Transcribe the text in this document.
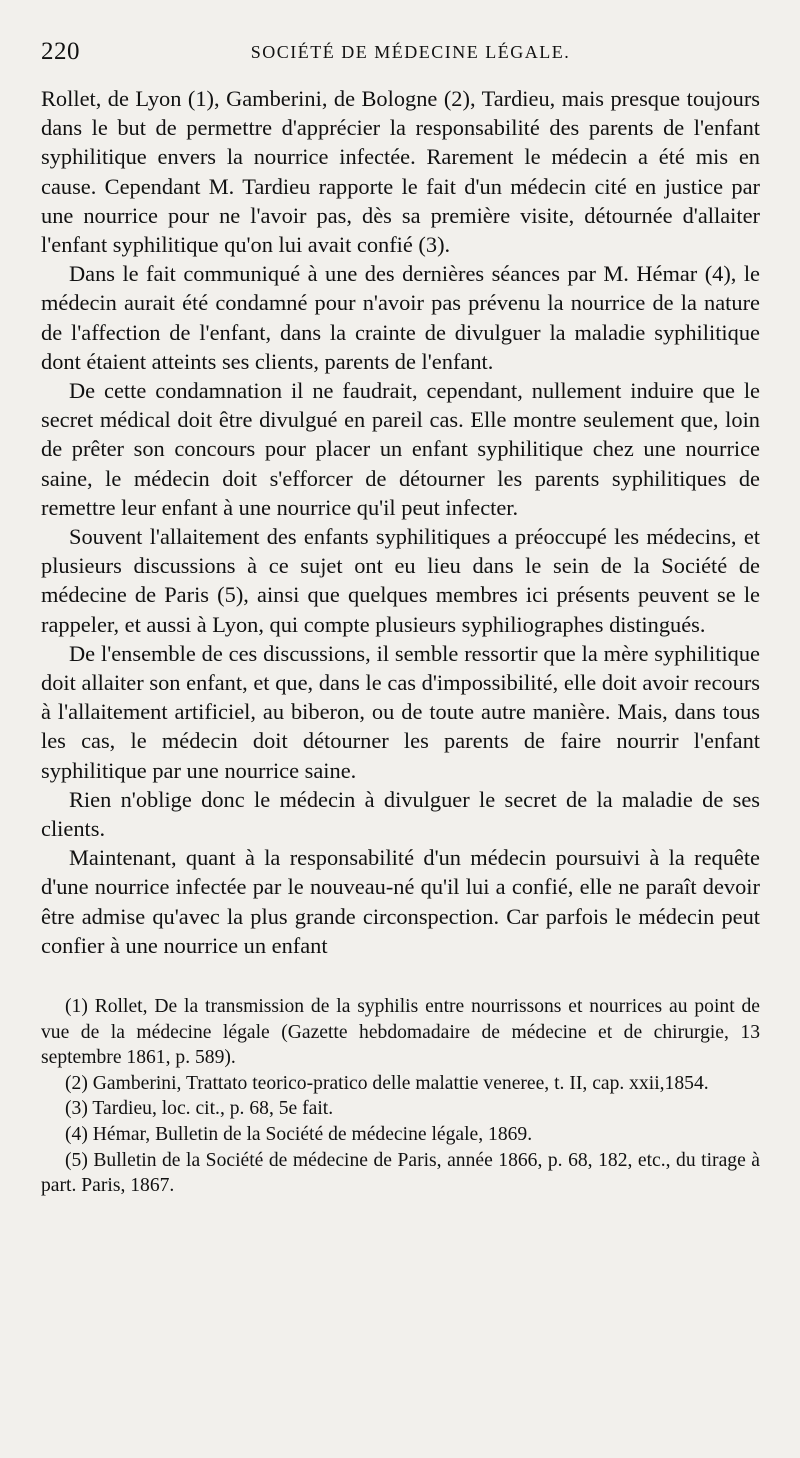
220	SOCIÉTÉ DE MÉDECINE LÉGALE.

Rollet, de Lyon (1), Gamberini, de Bologne (2), Tardieu, mais presque toujours dans le but de permettre d'apprécier la responsabilité des parents de l'enfant syphilitique envers la nourrice infectée. Rarement le médecin a été mis en cause. Cependant M. Tardieu rapporte le fait d'un médecin cité en justice par une nourrice pour ne l'avoir pas, dès sa première visite, détournée d'allaiter l'enfant syphilitique qu'on lui avait confié (3).

Dans le fait communiqué à une des dernières séances par M. Hémar (4), le médecin aurait été condamné pour n'avoir pas prévenu la nourrice de la nature de l'affection de l'enfant, dans la crainte de divulguer la maladie syphilitique dont étaient atteints ses clients, parents de l'enfant.

De cette condamnation il ne faudrait, cependant, nullement induire que le secret médical doit être divulgué en pareil cas. Elle montre seulement que, loin de prêter son concours pour placer un enfant syphilitique chez une nourrice saine, le médecin doit s'efforcer de détourner les parents syphilitiques de remettre leur enfant à une nourrice qu'il peut infecter.

Souvent l'allaitement des enfants syphilitiques a préoccupé les médecins, et plusieurs discussions à ce sujet ont eu lieu dans le sein de la Société de médecine de Paris (5), ainsi que quelques membres ici présents peuvent se le rappeler, et aussi à Lyon, qui compte plusieurs syphiliographes distingués.

De l'ensemble de ces discussions, il semble ressortir que la mère syphilitique doit allaiter son enfant, et que, dans le cas d'impossibilité, elle doit avoir recours à l'allaitement artificiel, au biberon, ou de toute autre manière. Mais, dans tous les cas, le médecin doit détourner les parents de faire nourrir l'enfant syphilitique par une nourrice saine.

Rien n'oblige donc le médecin à divulguer le secret de la maladie de ses clients.

Maintenant, quant à la responsabilité d'un médecin poursuivi à la requête d'une nourrice infectée par le nouveau-né qu'il lui a confié, elle ne paraît devoir être admise qu'avec la plus grande circonspection. Car parfois le médecin peut confier à une nourrice un enfant

(1) Rollet, De la transmission de la syphilis entre nourrissons et nourrices au point de vue de la médecine légale (Gazette hebdomadaire de médecine et de chirurgie, 13 septembre 1861, p. 589).

(2) Gamberini, Trattato teorico-pratico delle malattie veneree, t. II, cap. xxii,1854.

(3) Tardieu, loc. cit., p. 68, 5e fait.

(4) Hémar, Bulletin de la Société de médecine légale, 1869.

(5) Bulletin de la Société de médecine de Paris, année 1866, p. 68, 182, etc., du tirage à part. Paris, 1867.
